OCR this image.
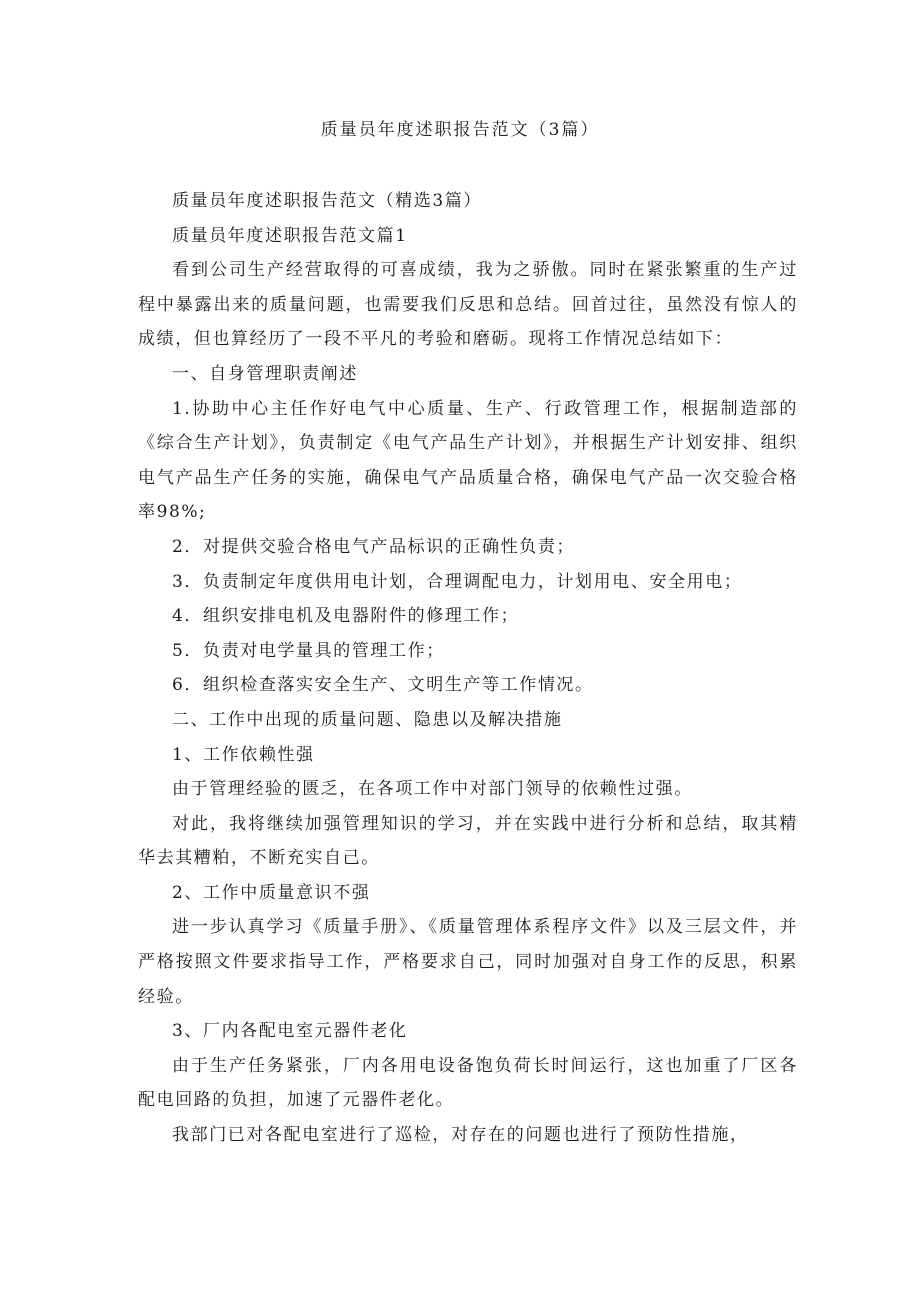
质量员年度述职报告范文（3篇）

质量员年度述职报告范文（精选3篇）

质量员年度述职报告范文篇1

看到公司生产经营取得的可喜成绩，我为之骄傲。同时在紧张繁重的生产过程中暴露出来的质量问题，也需要我们反思和总结。回首过往，虽然没有惊人的成绩，但也算经历了一段不平凡的考验和磨砺。现将工作情况总结如下：

一、自身管理职责阐述

1.协助中心主任作好电气中心质量、生产、行政管理工作，根据制造部的《综合生产计划》，负责制定《电气产品生产计划》，并根据生产计划安排、组织电气产品生产任务的实施，确保电气产品质量合格，确保电气产品一次交验合格率98%;

2．对提供交验合格电气产品标识的正确性负责；

3．负责制定年度供用电计划，合理调配电力，计划用电、安全用电；

4．组织安排电机及电器附件的修理工作；

5．负责对电学量具的管理工作；

6．组织检查落实安全生产、文明生产等工作情况。

二、工作中出现的质量问题、隐患以及解决措施

1、工作依赖性强

由于管理经验的匮乏，在各项工作中对部门领导的依赖性过强。

对此，我将继续加强管理知识的学习，并在实践中进行分析和总结，取其精华去其糟粕，不断充实自己。

2、工作中质量意识不强

进一步认真学习《质量手册》、《质量管理体系程序文件》以及三层文件，并严格按照文件要求指导工作，严格要求自己，同时加强对自身工作的反思，积累经验。

3、厂内各配电室元器件老化

由于生产任务紧张，厂内各用电设备饱负荷长时间运行，这也加重了厂区各配电回路的负担，加速了元器件老化。

我部门已对各配电室进行了巡检，对存在的问题也进行了预防性措施，
